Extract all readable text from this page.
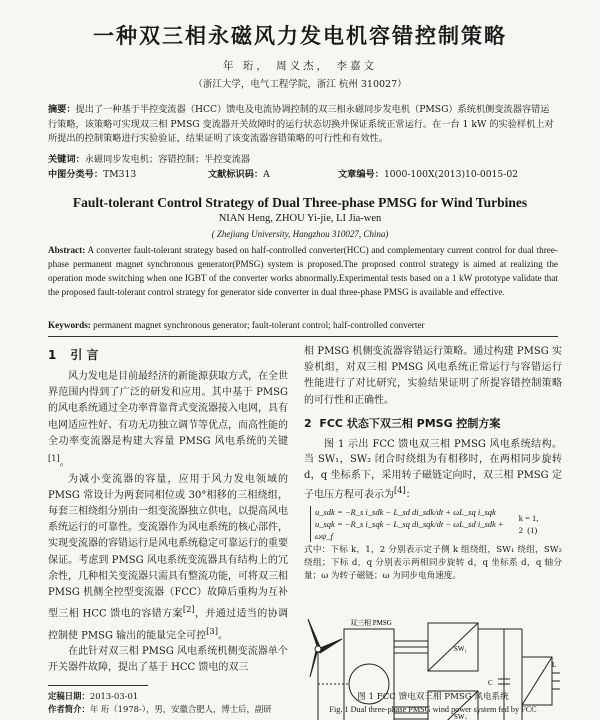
一种双三相永磁风力发电机容错控制策略
年 珩， 周义杰， 李嘉文
（浙江大学，电气工程学院，浙江 杭州 310027）
摘要：提出了一种基于半控变流器（HCC）馈电及电流协调控制的双三相永磁同步发电机（PMSG）系统机侧变流器容错运行策略，该策略可实现双三相 PMSG 变流器开关故障时的运行状态切换并保证系统正常运行。在一台 1 kW 的实验样机上对所提出的控制策略进行实验验证，结果证明了该变流器容错策略的可行性和有效性。
关键词：永磁同步发电机；容错控制；半控变流器
中图分类号：TM313	文献标识码：A	文章编号：1000-100X(2013)10-0015-02
Fault-tolerant Control Strategy of Dual Three-phase PMSG for Wind Turbines
NIAN Heng, ZHOU Yi-jie, LI Jia-wen
( Zhejiang University, Hangzhou 310027, China)
Abstract: A converter fault-tolerant strategy based on half-controlled converter(HCC) and complementary current control for dual three-phase permanent magnet synchronous generator(PMSG) system is proposed.The proposed control strategy is aimed at realizing the operation mode switching when one IGBT of the converter works abnormally.Experimental tests based on a 1 kW prototype validate that the proposed fault-tolerant control strategy for generator side converter in dual three-phase PMSG is available and effective.
Keywords: permanent magnet synchronous generator; fault-tolerant control; half-controlled converter
1 引 言

风力发电是目前最经济的新能源获取方式，在全世界范围内得到了广泛的研发和应用。其中基于 PMSG 的风电系统通过全功率背靠背式变流器接入电网，具有电网适应性好、有功无功独立调节等优点，而高性能的全功率变流器是构建大容量 PMSG 风电系统的关键[1]。

为减小变流器的容量，应用于风力发电领域的 PMSG 常设计为两套同相位或 30°相移的三相绕组，每套三相绕组分别由一组变流器独立供电，以提高风电系统运行的可靠性。变流器作为风电系统的核心部件，实现变流器的容错运行是风电系统稳定可靠运行的重要保证。考虑到 PMSG 风电系统变流器具有结构上的冗余性，几种相关变流器只需具有整流功能，可将双三相 PMSG 机侧全控型变流器（FCC）故障后重构为互补型三相 HCC 馈电的容错方案[2]，并通过适当的协调控制使 PMSG 输出的能量完全可控[3]。

在此针对双三相 PMSG 风电系统机侧变流器单个开关器件故障，提出了基于 HCC 馈电的双三

相 PMSG 机侧变流器容错运行策略。通过构建 PMSG 实验机组，对双三相 PMSG 风电系统正常运行与容错运行性能进行了对比研究，实验结果证明了所提容错控制策略的可行性和正确性。

2 FCC 状态下双三相 PMSG 控制方案

图 1 示出 FCC 馈电双三相 PMSG 风电系统结构。当 SW₁，SW₂ 闭合时绕组为有相移时，在两相同步旋转 d，q 坐标系下，采用转子磁链定向时，双三相 PMSG 定子电压方程可表示为[4]：

u_sdk = −R_s i_sdk − L_sd di_sdk/dt + ωL_sq i_sqk
u_sqk = −R_s i_sqk − L_sq di_sqk/dt − ωL_sd i_sdk + ωψ_f
k = 1, 2 (1)

式中：下标 k，1，2 分别表示定子侧 k 组绕组，SW₁ 绕组，SW₂ 绕组；下标 d，q 分别表示两相同步旋转 d，q 坐标系 d，q 轴分量；ω 为转子磁链；ω 为同步电角速度。

双三相 PMSG
SW₁
SW₂
C
L
图 1 FCC 馈电双三相 PMSG 风电系统
Fig. 1 Dual three-phase PMSG wind power system fed by FCC
定稿日期：2013-03-01
作者简介：年 珩（1978-），男，安徽合肥人，博士后，副研
